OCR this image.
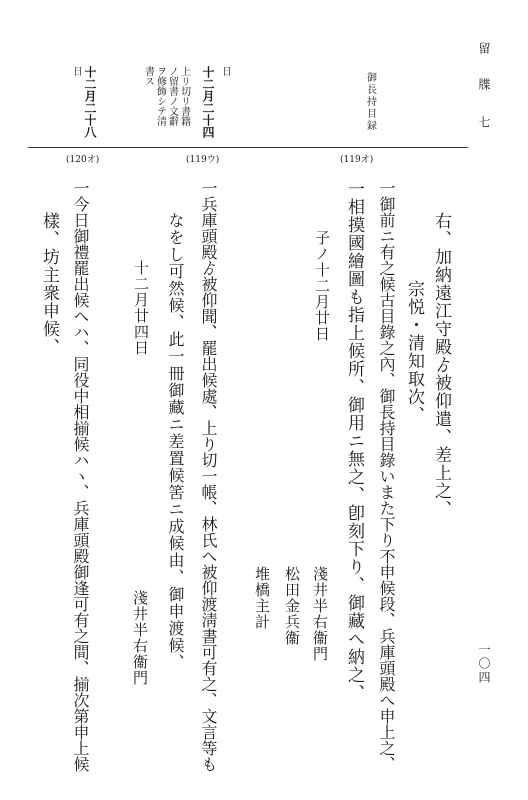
留　牒 七
一〇四
御長持目録
十二月二十四 日
上リ切リ書籍
ノ留書ノ文辭
ヲ修飾シテ清
書ス
十二月二十八
日
(119オ)
(119ウ)
(120オ)
右、加納遠江守殿ゟ被仰遣、差上之、
宗悦・清知取次、
一御前ニ有之候古目錄之內、御長持目錄いまた下り不申候段、兵庫頭殿へ申上之、
一相摸國繪圖も指上候所、御用ニ無之、卽刻下り、御藏へ納之、
子ノ十二月廿日
淺井半右衞門
松田金兵衞
堆橋主計
一兵庫頭殿ゟ被仰聞、罷出候處、上り切一帳、林氏へ被仰渡淸書可有之、文言等も
なをし可然候、此一冊御藏ニ差置候筈ニ成候由、御申渡候、
十二月廿四日
淺井半右衞門
一今日御禮罷出候へハ、同役中相揃候ハヽ、兵庫頭殿御逢可有之間、揃次第申上候
樣、坊主衆申候、
